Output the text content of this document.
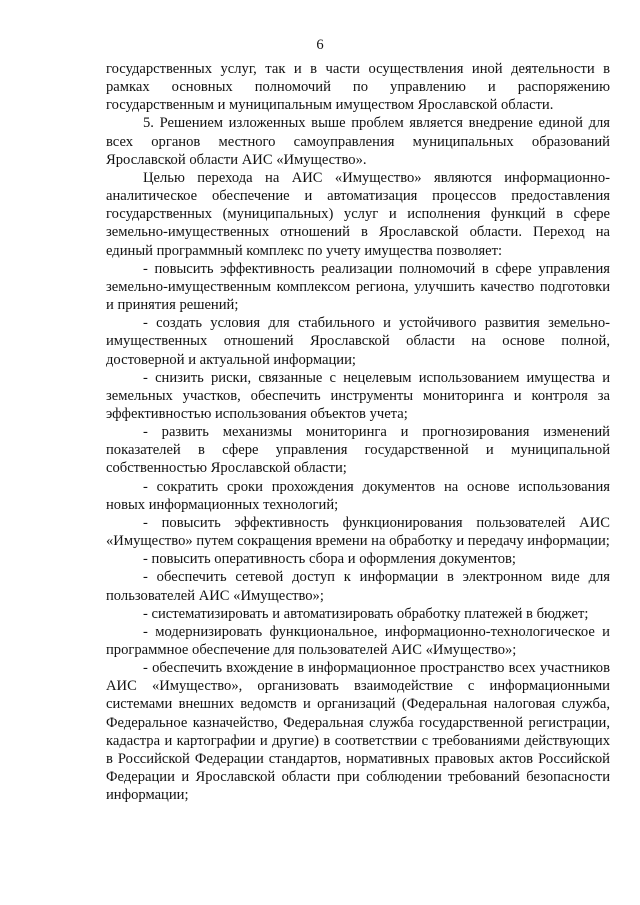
6

государственных услуг, так и в части осуществления иной деятельности в рамках основных полномочий по управлению и распоряжению государственным и муниципальным имуществом Ярославской области.

5. Решением изложенных выше проблем является внедрение единой для всех органов местного самоуправления муниципальных образований Ярославской области АИС «Имущество».

Целью перехода на АИС «Имущество» являются информационно-аналитическое обеспечение и автоматизация процессов предоставления государственных (муниципальных) услуг и исполнения функций в сфере земельно-имущественных отношений в Ярославской области. Переход на единый программный комплекс по учету имущества позволяет:

- повысить эффективность реализации полномочий в сфере управления земельно-имущественным комплексом региона, улучшить качество подготовки и принятия решений;

- создать условия для стабильного и устойчивого развития земельно-имущественных отношений Ярославской области на основе полной, достоверной и актуальной информации;

- снизить риски, связанные с нецелевым использованием имущества и земельных участков, обеспечить инструменты мониторинга и контроля за эффективностью использования объектов учета;

- развить механизмы мониторинга и прогнозирования изменений показателей в сфере управления государственной и муниципальной собственностью Ярославской области;

- сократить сроки прохождения документов на основе использования новых информационных технологий;

- повысить эффективность функционирования пользователей АИС «Имущество» путем сокращения времени на обработку и передачу информации;

- повысить оперативность сбора и оформления документов;

- обеспечить сетевой доступ к информации в электронном виде для пользователей АИС «Имущество»;

- систематизировать и автоматизировать обработку платежей в бюджет;

- модернизировать функциональное, информационно-технологическое и программное обеспечение для пользователей АИС «Имущество»;

- обеспечить вхождение в информационное пространство всех участников АИС «Имущество», организовать взаимодействие с информационными системами внешних ведомств и организаций (Федеральная налоговая служба, Федеральное казначейство, Федеральная служба государственной регистрации, кадастра и картографии и другие) в соответствии с требованиями действующих в Российской Федерации стандартов, нормативных правовых актов Российской Федерации и Ярославской области при соблюдении требований безопасности информации;
